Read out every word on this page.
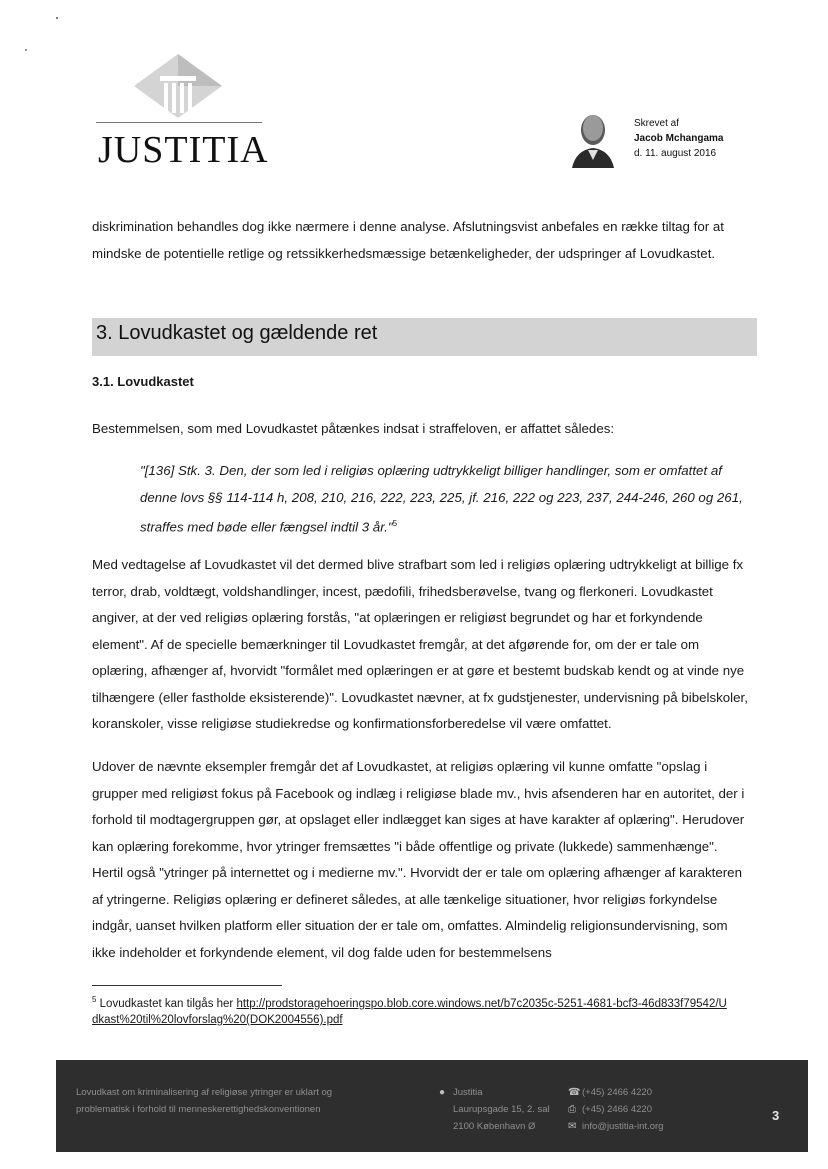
JUSTITIA
Skrevet af
Jacob Mchangama
d. 11. august 2016
diskrimination behandles dog ikke nærmere i denne analyse. Afslutningsvist anbefales en række tiltag for at mindske de potentielle retlige og retssikkerhedsmæssige betænkeligheder, der udspringer af Lovudkastet.
3. Lovudkastet og gældende ret
3.1. Lovudkastet
Bestemmelsen, som med Lovudkastet påtænkes indsat i straffeloven, er affattet således:
"[136] Stk. 3. Den, der som led i religiøs oplæring udtrykkeligt billiger handlinger, som er omfattet af denne lovs §§ 114-114 h, 208, 210, 216, 222, 223, 225, jf. 216, 222 og 223, 237, 244-246, 260 og 261, straffes med bøde eller fængsel indtil 3 år."$^5$
Med vedtagelse af Lovudkastet vil det dermed blive strafbart som led i religiøs oplæring udtrykkeligt at billige fx terror, drab, voldtægt, voldshandlinger, incest, pædofili, frihedsberøvelse, tvang og flerkoneri. Lovudkastet angiver, at der ved religiøs oplæring forstås, "at oplæringen er religiøst begrundet og har et forkyndende element". Af de specielle bemærkninger til Lovudkastet fremgår, at det afgørende for, om der er tale om oplæring, afhænger af, hvorvidt "formålet med oplæringen er at gøre et bestemt budskab kendt og at vinde nye tilhængere (eller fastholde eksisterende)". Lovudkastet nævner, at fx gudstjenester, undervisning på bibelskoler, koranskoler, visse religiøse studiekredse og konfirmationsforberedelse vil være omfattet.
Udover de nævnte eksempler fremgår det af Lovudkastet, at religiøs oplæring vil kunne omfatte "opslag i grupper med religiøst fokus på Facebook og indlæg i religiøse blade mv., hvis afsenderen har en autoritet, der i forhold til modtagergruppen gør, at opslaget eller indlægget kan siges at have karakter af oplæring". Herudover kan oplæring forekomme, hvor ytringer fremsættes "i både offentlige og private (lukkede) sammenhænge". Hertil også "ytringer på internettet og i medierne mv.". Hvorvidt der er tale om oplæring afhænger af karakteren af ytringerne. Religiøs oplæring er defineret således, at alle tænkelige situationer, hvor religiøs forkyndelse indgår, uanset hvilken platform eller situation der er tale om, omfattes. Almindelig religionsundervisning, som ikke indeholder et forkyndende element, vil dog falde uden for bestemmelsens
$^5$ Lovudkastet kan tilgås her http://prodstoragehoeringspo.blob.core.windows.net/b7c2035c-5251-4681-bcf3-46d833f79542/Udkast%20til%20lovforslag%20(DOK2004556).pdf
Lovudkast om kriminalisering af religiøse ytringer er uklart og
problematisk i forhold til menneskerettighedskonventionen
● Justitia
Laurupsgade 15, 2. sal
2100 København Ø
☎ (+45) 2466 4220
⎙ (+45) 2466 4220
✉ info@justitia-int.org
3
